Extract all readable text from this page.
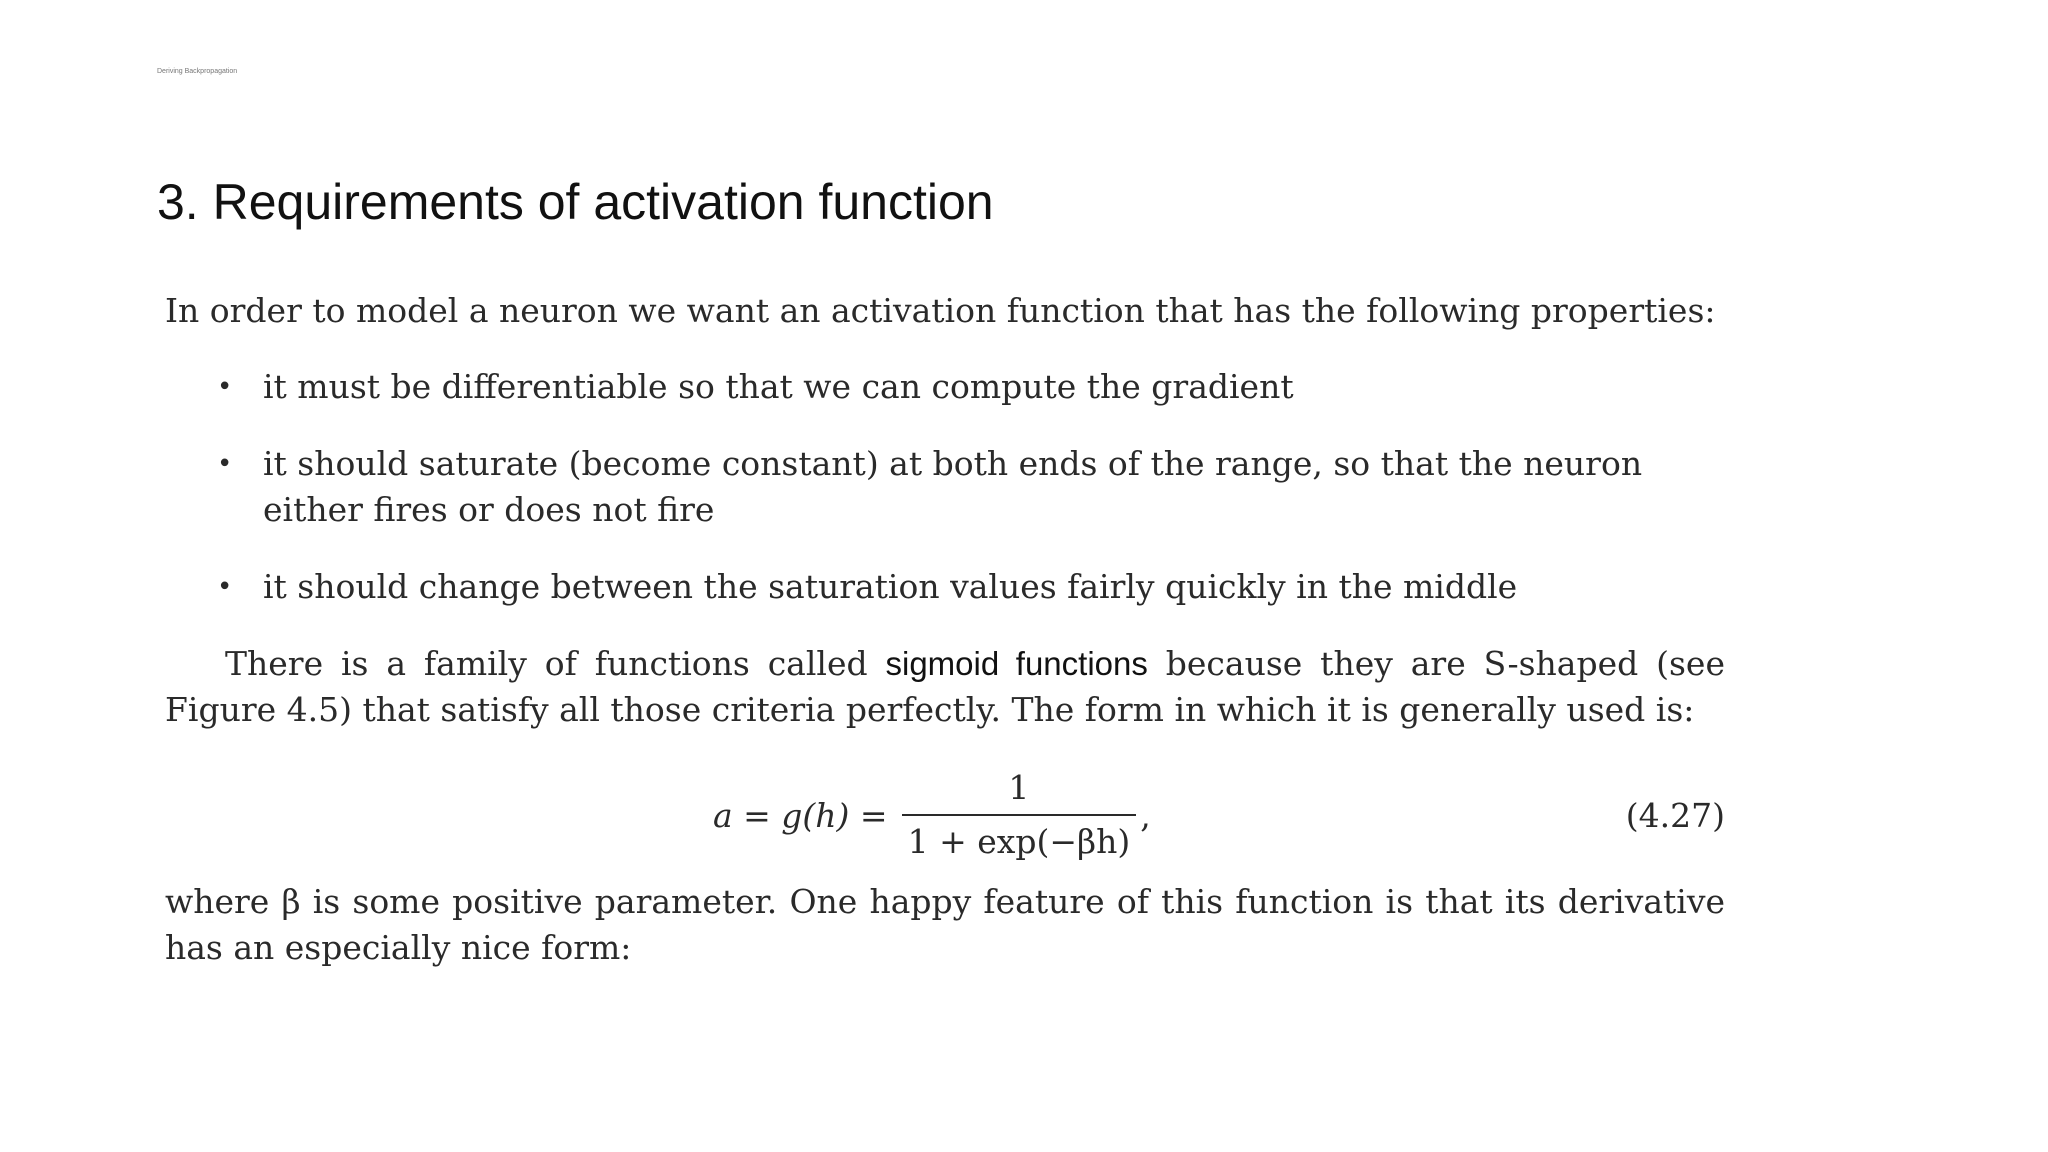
Deriving Backpropagation
3. Requirements of activation function

In order to model a neuron we want an activation function that has the following properties:

• it must be differentiable so that we can compute the gradient
• it should saturate (become constant) at both ends of the range, so that the neuron either fires or does not fire
• it should change between the saturation values fairly quickly in the middle

There is a family of functions called sigmoid functions because they are S-shaped (see Figure 4.5) that satisfy all those criteria perfectly. The form in which it is generally used is:

$a = g(h) = \frac{1}{1 + \exp(-\beta h)}$ ,	(4.27)

where β is some positive parameter. One happy feature of this function is that its derivative has an especially nice form:
